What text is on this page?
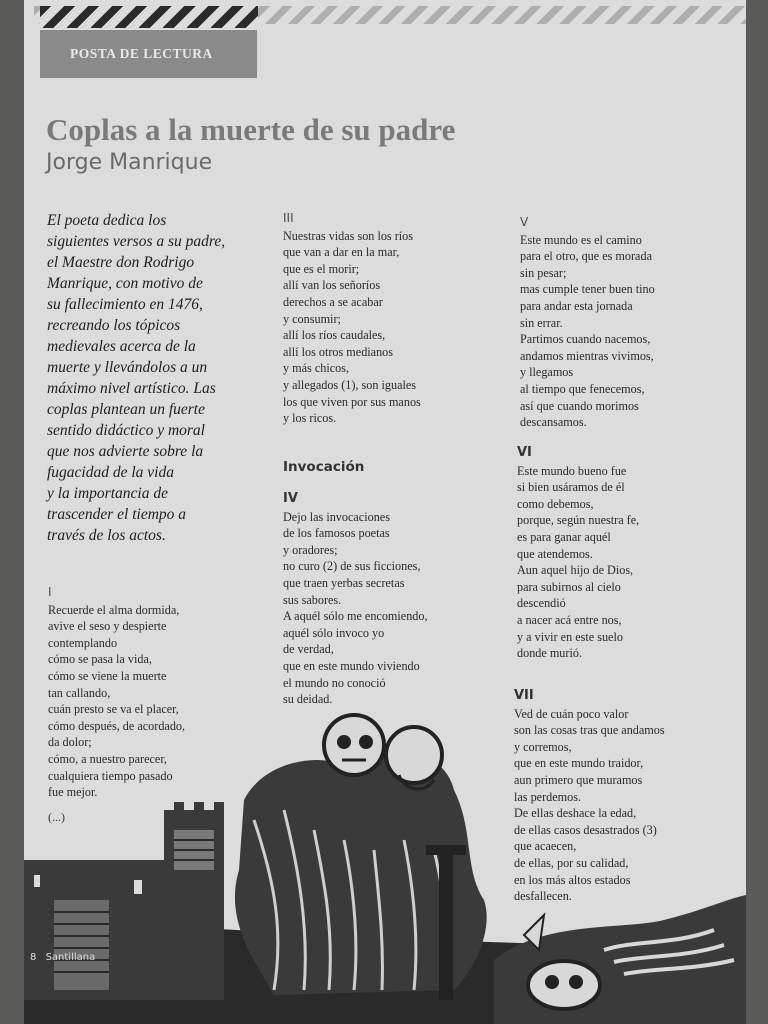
POSTA DE LECTURA
Coplas a la muerte de su padre
Jorge Manrique
El poeta dedica los
siguientes versos a su padre,
el Maestre don Rodrigo
Manrique, con motivo de
su fallecimiento en 1476,
recreando los tópicos
medievales acerca de la
muerte y llevándolos a un
máximo nivel artístico. Las
coplas plantean un fuerte
sentido didáctico y moral
que nos advierte sobre la
fugacidad de la vida
y la importancia de
trascender el tiempo a
través de los actos.
I
Recuerde el alma dormida,
avive el seso y despierte
contemplando
cómo se pasa la vida,
cómo se viene la muerte
tan callando,
cuán presto se va el placer,
cómo después, de acordado,
da dolor;
cómo, a nuestro parecer,
cualquiera tiempo pasado
fue mejor.
(...)
III
Nuestras vidas son los ríos
que van a dar en la mar,
que es el morir;
allí van los señoríos
derechos a se acabar
y consumir;
allí los ríos caudales,
allí los otros medianos
y más chicos,
y allegados (1), son iguales
los que viven por sus manos
y los ricos.
Invocación
IV
Dejo las invocaciones
de los famosos poetas
y oradores;
no curo (2) de sus ficciones,
que traen yerbas secretas
sus sabores.
A aquél sólo me encomiendo,
aquél sólo invoco yo
de verdad,
que en este mundo viviendo
el mundo no conoció
su deidad.
V
Este mundo es el camino
para el otro, que es morada
sin pesar;
mas cumple tener buen tino
para andar esta jornada
sin errar.
Partimos cuando nacemos,
andamos mientras vivimos,
y llegamos
al tiempo que fenecemos,
así que cuando morimos
descansamos.
VI
Este mundo bueno fue
si bien usáramos de él
como debemos,
porque, según nuestra fe,
es para ganar aquél
que atendemos.
Aun aquel hijo de Dios,
para subirnos al cielo
descendió
a nacer acá entre nos,
y a vivir en este suelo
donde murió.
VII
Ved de cuán poco valor
son las cosas tras que andamos
y corremos,
que en este mundo traidor,
aun primero que muramos
las perdemos.
De ellas deshace la edad,
de ellas casos desastrados (3)
que acaecen,
de ellas, por su calidad,
en los más altos estados
desfallecen.
8 Santillana
